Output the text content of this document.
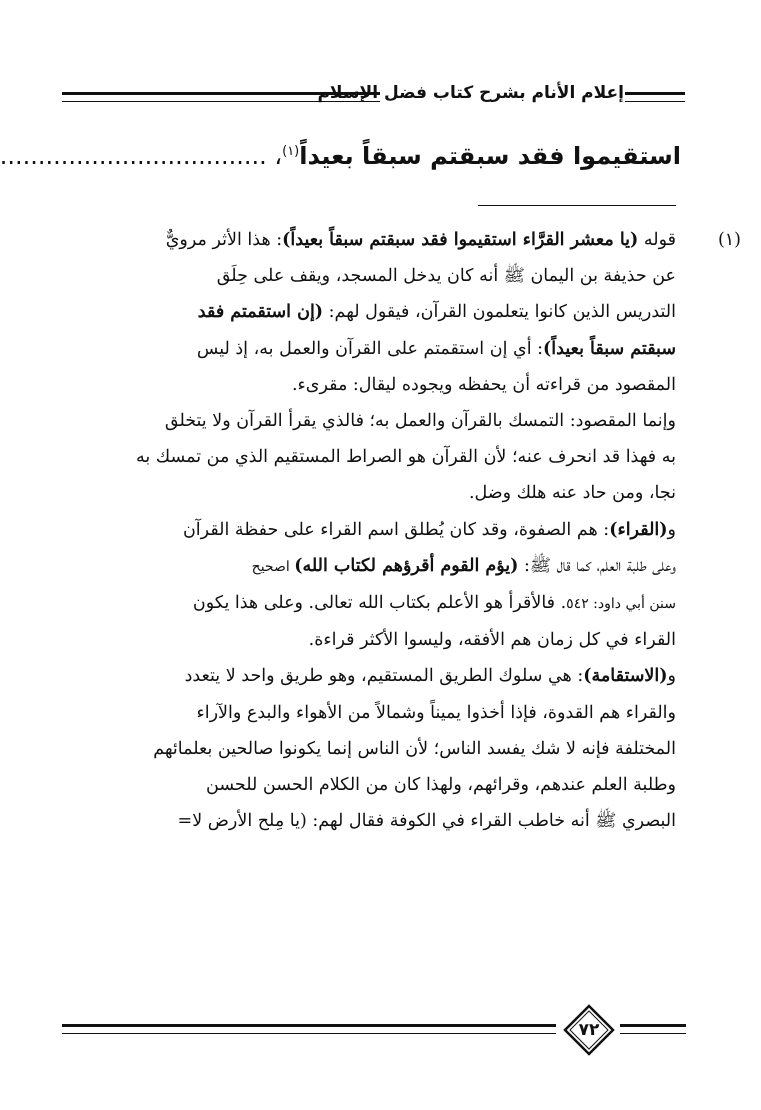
إعلام الأنام بشرح كتاب فضل الإسلام
استقيموا فقد سبقتم سبقاً بعيداً$^{(١)}$، ...................................
(١)

قوله (يا معشر القرَّاء استقيموا فقد سبقتم سبقاً بعيداً): هذا الأثر مرويٌّ

عن حذيفة بن اليمان ﷺ أنه كان يدخل المسجد، ويقف على حِلَق

التدريس الذين كانوا يتعلمون القرآن، فيقول لهم: (إن استقمتم فقد

سبقتم سبقاً بعيداً): أي إن استقمتم على القرآن والعمل به، إذ ليس

المقصود من قراءته أن يحفظه ويجوده ليقال: مقرىء.

وإنما المقصود: التمسك بالقرآن والعمل به؛ فالذي يقرأ القرآن ولا يتخلق

به فهذا قد انحرف عنه؛ لأن القرآن هو الصراط المستقيم الذي من تمسك به

نجا، ومن حاد عنه هلك وضل.

و(القراء): هم الصفوة، وقد كان يُطلق اسم القراء على حفظة القرآن

وعلى طلبة العلم، كما قال ﷺ: (يؤم القوم أقرؤهم لكتاب الله) اصحيح

سنن أبي داود: ٥٤٢. فالأقرأ هو الأعلم بكتاب الله تعالى. وعلى هذا يكون

القراء في كل زمان هم الأفقه، وليسوا الأكثر قراءة.

و(الاستقامة): هي سلوك الطريق المستقيم، وهو طريق واحد لا يتعدد

والقراء هم القدوة، فإذا أخذوا يميناً وشمالاً من الأهواء والبدع والآراء

المختلفة فإنه لا شك يفسد الناس؛ لأن الناس إنما يكونوا صالحين بعلمائهم

وطلبة العلم عندهم، وقرائهم، ولهذا كان من الكلام الحسن للحسن

البصري ﷺ أنه خاطب القراء في الكوفة فقال لهم: (يا مِلح الأرض لا=

٧٢
